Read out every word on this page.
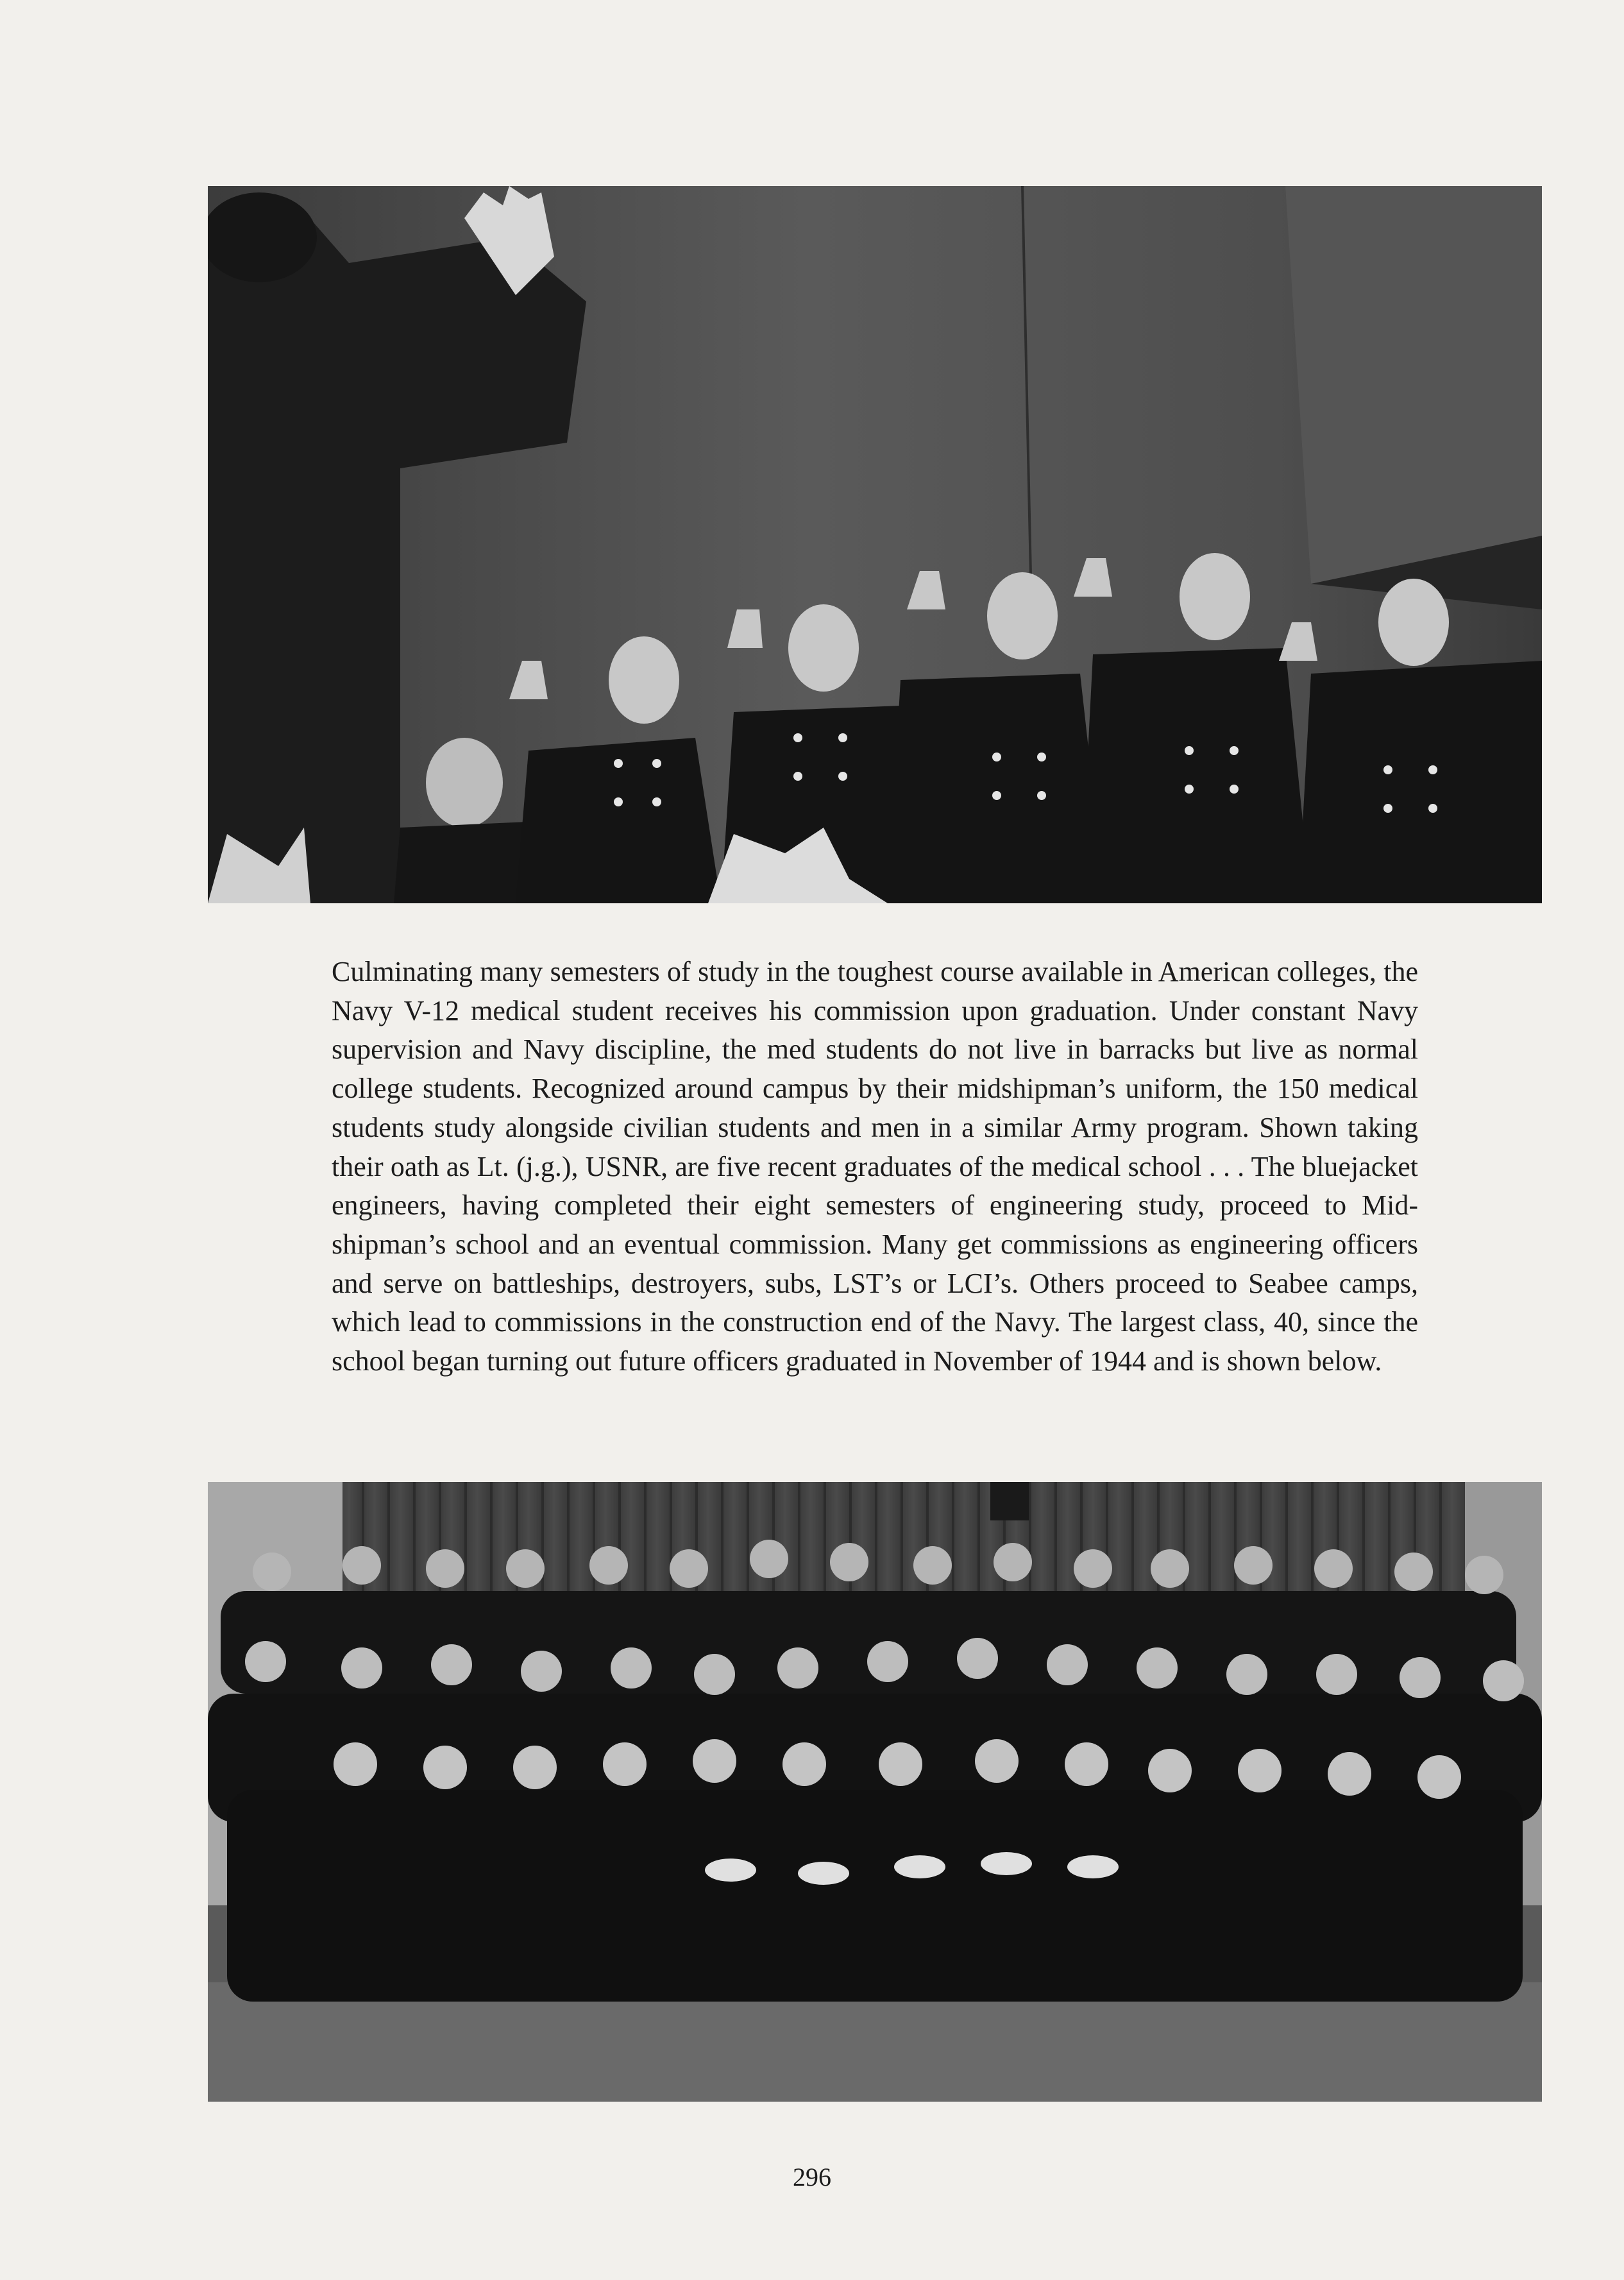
Culminating many semesters of study in the toughest course available in American colleges, the Navy V-12 medical student receives his commission upon graduation. Under constant Navy supervision and Navy discipline, the med students do not live in barracks but live as normal college students. Recognized around campus by their midshipman’s uniform, the 150 medical students study alongside civilian students and men in a similar Army program. Shown taking their oath as Lt. (j.g.), USNR, are five recent graduates of the medical school . . . The bluejacket engineers, having completed their eight semesters of engineering study, proceed to Mid-shipman’s school and an eventual commission. Many get commissions as engineering officers and serve on battleships, destroyers, subs, LST’s or LCI’s. Others proceed to Seabee camps, which lead to commissions in the construction end of the Navy. The largest class, 40, since the school began turning out future officers graduated in November of 1944 and is shown below.

296
